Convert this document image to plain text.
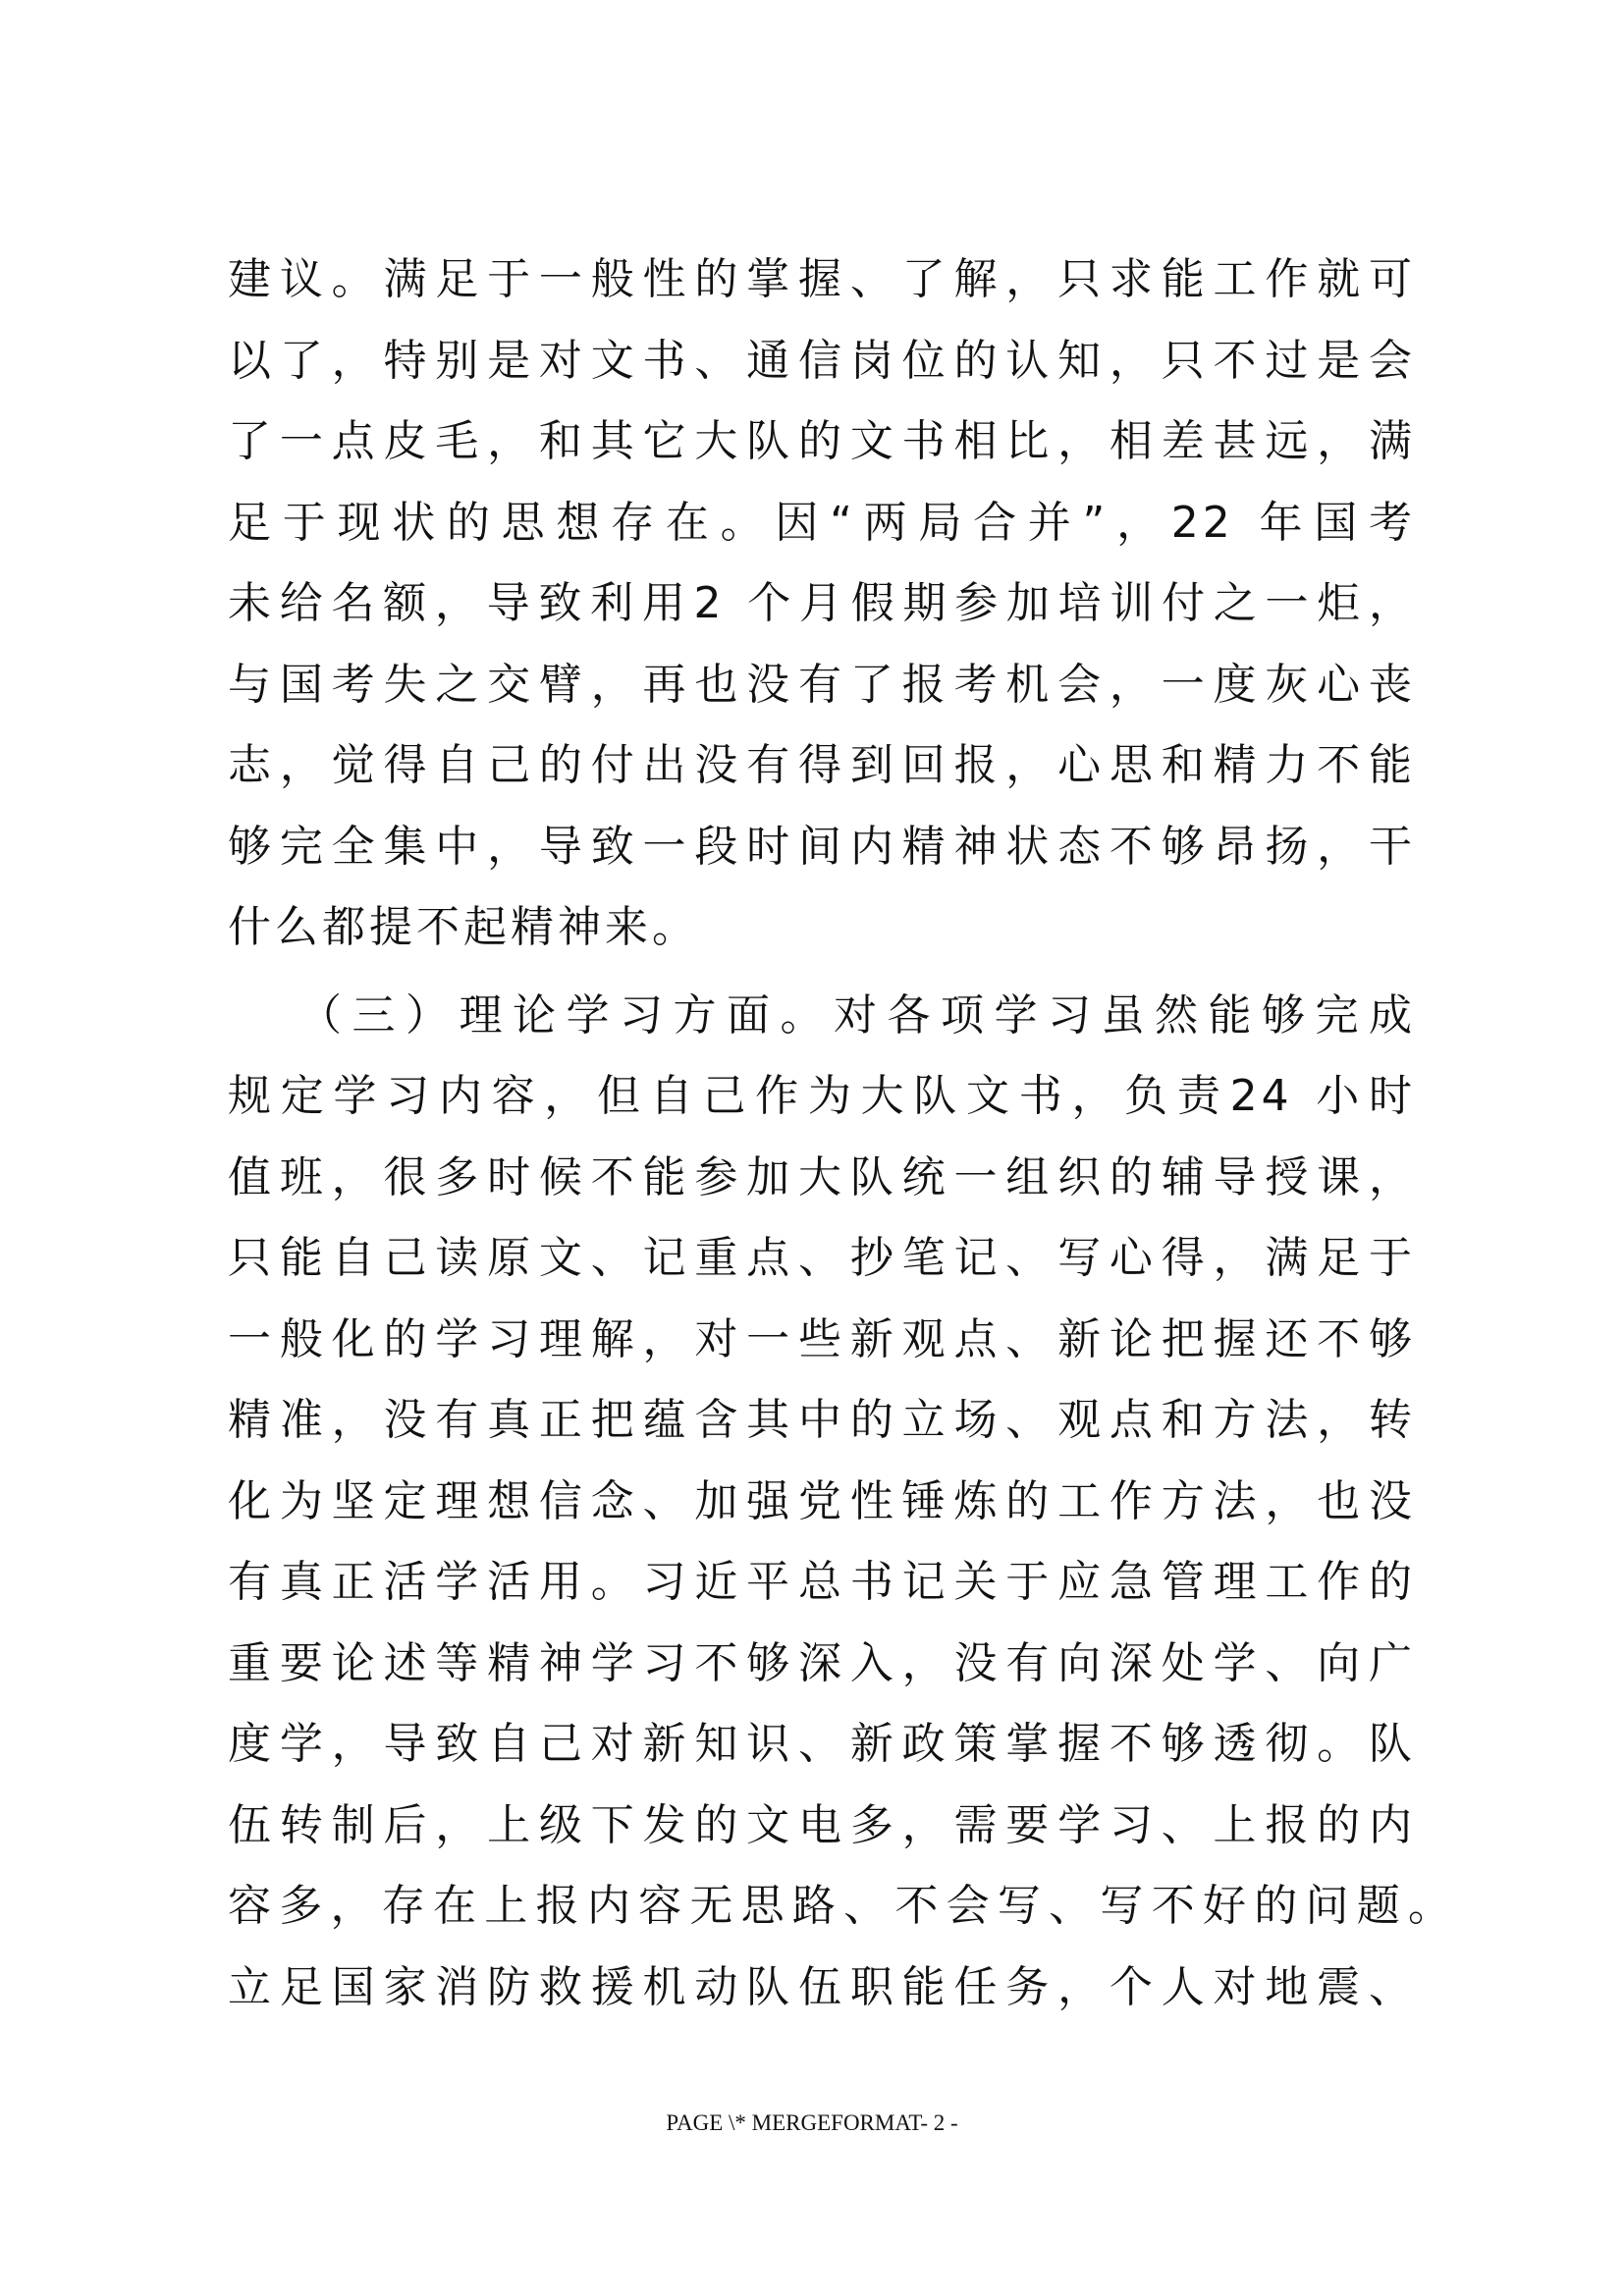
建议。满足于一般性的掌握、了解，只求能工作就可
以了，特别是对文书、通信岗位的认知，只不过是会
了一点皮毛，和其它大队的文书相比，相差甚远，满
足于现状的思想存在。因“两局合并”，22 年国考
未给名额，导致利用2 个月假期参加培训付之一炬，
与国考失之交臂，再也没有了报考机会，一度灰心丧
志，觉得自己的付出没有得到回报，心思和精力不能
够完全集中，导致一段时间内精神状态不够昂扬，干
什么都提不起精神来。
（三）理论学习方面。对各项学习虽然能够完成
规定学习内容，但自己作为大队文书，负责24 小时
值班，很多时候不能参加大队统一组织的辅导授课，
只能自己读原文、记重点、抄笔记、写心得，满足于
一般化的学习理解，对一些新观点、新论把握还不够
精准，没有真正把蕴含其中的立场、观点和方法，转
化为坚定理想信念、加强党性锤炼的工作方法，也没
有真正活学活用。习近平总书记关于应急管理工作的
重要论述等精神学习不够深入，没有向深处学、向广
度学，导致自己对新知识、新政策掌握不够透彻。队
伍转制后，上级下发的文电多，需要学习、上报的内
容多，存在上报内容无思路、不会写、写不好的问题。
立足国家消防救援机动队伍职能任务，个人对地震、
PAGE \* MERGEFORMAT- 2 -
